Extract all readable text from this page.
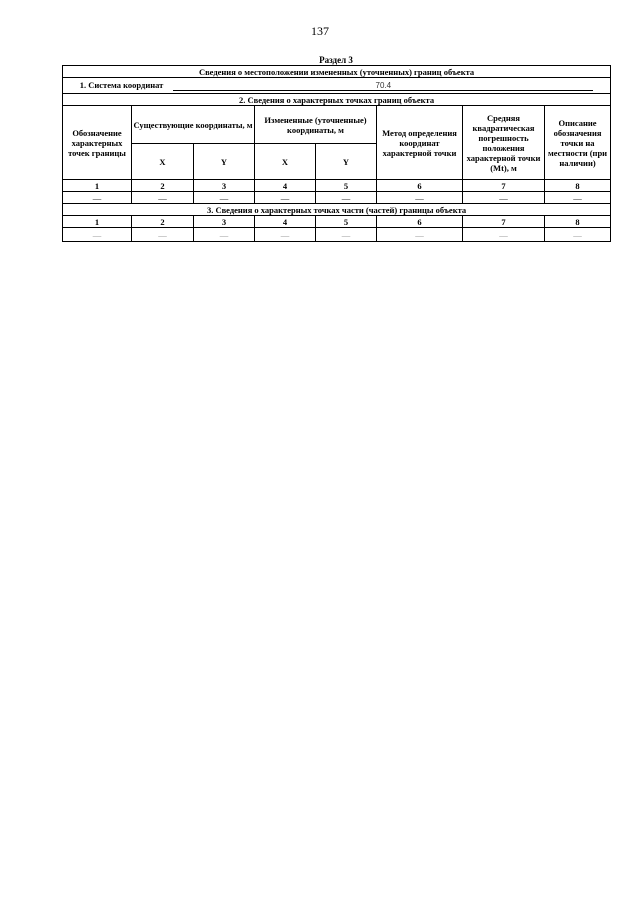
137
Раздел 3
Сведения о местоположении измененных (уточненных) границ объекта							
1. Система координат 70.4							
2. Сведения о характерных точках границ объекта							
Обозначение характерных точек границы	Существующие координаты, м		Измененные (уточненные) координаты, м		Метод определения координат характерной точки	Средняя квадратическая погрешность положения характерной точки (Mt), м	Описание обозначения точки на местности (при наличии)
	X	Y	X	Y			
1	2	3	4	5	6	7	8
—	—	—	—	—	—	—	—
3. Сведения о характерных точках части (частей) границы объекта							
1	2	3	4	5	6	7	8
—	—	—	—	—	—	—	—
